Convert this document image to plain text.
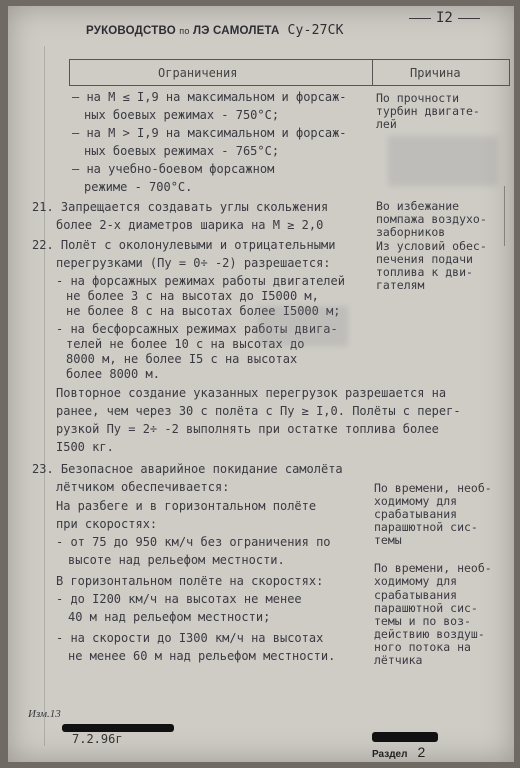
РУКОВОДСТВО по ЛЭ САМОЛЕТА Су-27СК
I2
Ограничения	Причина
– на М ≤ I,9 на максимальном и форсаж-
ных боевых режимах - 750°С;
– на М > I,9 на максимальном и форсаж-
ных боевых режимах - 765°С;
– на учебно-боевом форсажном
режиме - 700°С.
21. Запрещается создавать углы скольжения
более 2-х диаметров шарика на М ≥ 2,0
22. Полёт с околонулевыми и отрицательными
перегрузками (Пу = 0÷ -2) разрешается:
- на форсажных режимах работы двигателей
не более 3 с на высотах до I5000 м,
не более 8 с на высотах более I5000 м;
- на бесфорсажных режимах работы двига-
телей не более 10 с на высотах до
8000 м, не более I5 с на высотах
более 8000 м.
Повторное создание указанных перегрузок разрешается на
ранее, чем через 30 с полёта с Пу ≥ I,0. Полёты с перег-
рузкой Пу = 2÷ -2 выполнять при остатке топлива более
I500 кг.
23. Безопасное аварийное покидание самолёта
лётчиком обеспечивается:
На разбеге и в горизонтальном полёте
при скоростях:
- от 75 до 950 км/ч без ограничения по
высоте над рельефом местности.
В горизонтальном полёте на скоростях:
- до I200 км/ч на высотах не менее
40 м над рельефом местности;
- на скорости до I300 км/ч на высотах
не менее 60 м над рельефом местности.
По прочности
турбин двигате-
лей
Во избежание
помпажа воздухо-
заборников
Из условий обес-
печения подачи
топлива к дви-
гателям
По времени, необ-
ходимому для
срабатывания
парашютной сис-
темы
По времени, необ-
ходимому для
срабатывания
парашютной сис-
темы и по воз-
действию воздуш-
ного потока на
лётчика
Изм.13
7.2.96г
Раздел 2
